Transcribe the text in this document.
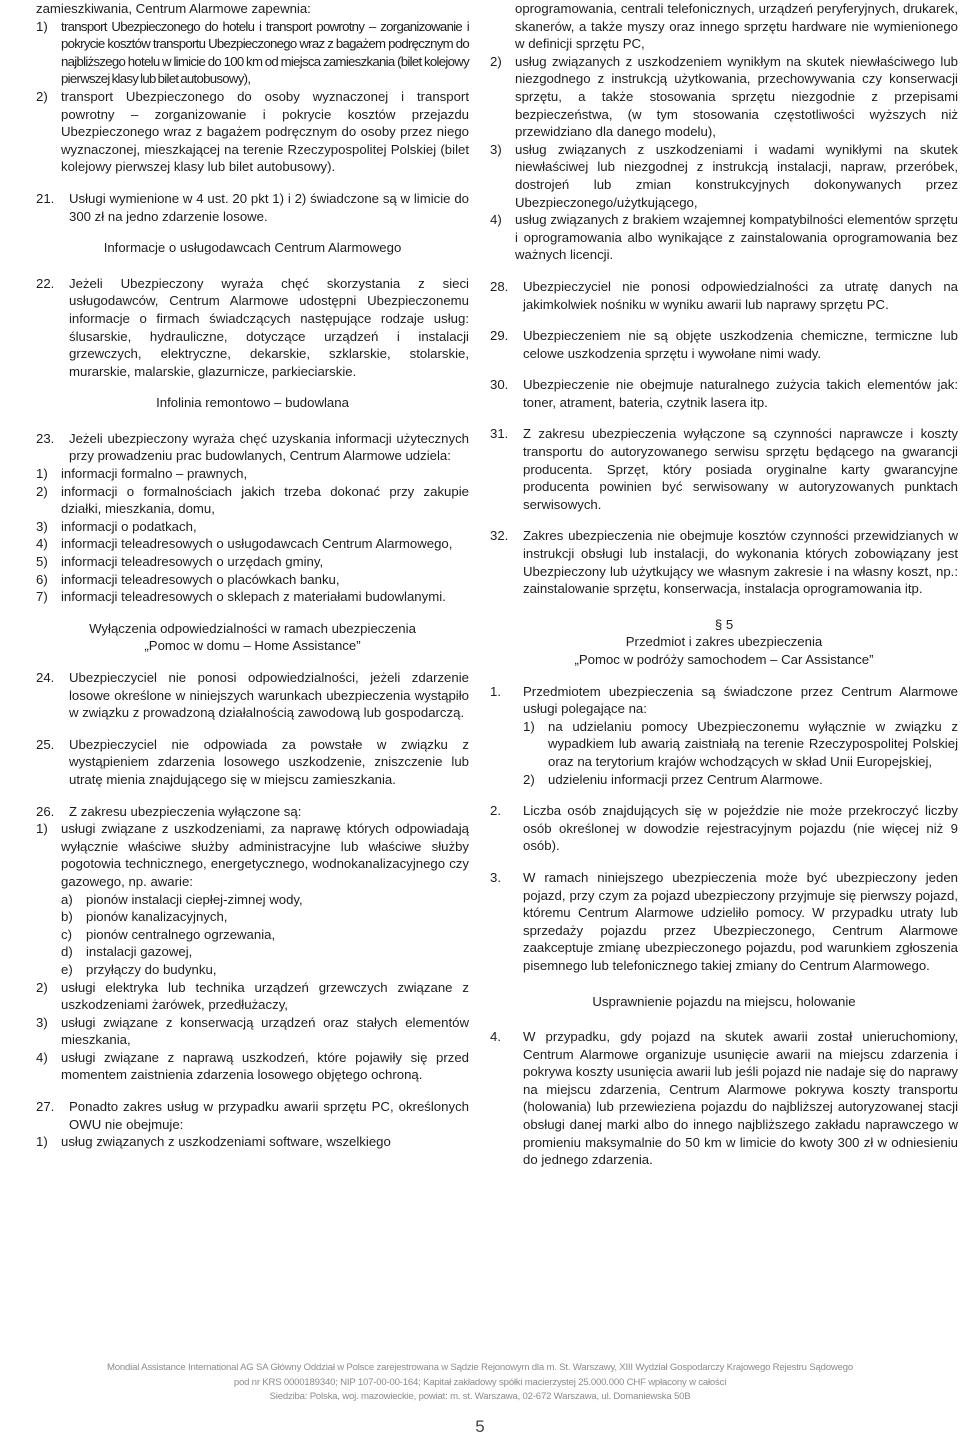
zamieszkiwania, Centrum Alarmowe zapewnia:

1) transport Ubezpieczonego do hotelu i transport powrotny – zorganizowanie i pokrycie kosztów transportu Ubezpieczonego wraz z bagażem podręcznym do najbliższego hotelu w limicie do 100 km od miejsca zamieszkania (bilet kolejowy pierwszej klasy lub bilet autobusowy),
2) transport Ubezpieczonego do osoby wyznaczonej i transport powrotny – zorganizowanie i pokrycie kosztów przejazdu Ubezpieczonego wraz z bagażem podręcznym do osoby przez niego wyznaczonej, mieszkającej na terenie Rzeczypospolitej Polskiej (bilet kolejowy pierwszej klasy lub bilet autobusowy).
21. Usługi wymienione w 4 ust. 20 pkt 1) i 2) świadczone są w limicie do 300 zł na jedno zdarzenie losowe.

Informacje o usługodawcach Centrum Alarmowego

22. Jeżeli Ubezpieczony wyraża chęć skorzystania z sieci usługodawców, Centrum Alarmowe udostępni Ubezpieczonemu informacje o firmach świadczących następujące rodzaje usług: ślusarskie, hydrauliczne, dotyczące urządzeń i instalacji grzewczych, elektryczne, dekarskie, szklarskie, stolarskie, murarskie, malarskie, glazurnicze, parkieciarskie.

Infolinia remontowo – budowlana

23. Jeżeli ubezpieczony wyraża chęć uzyskania informacji użytecznych przy prowadzeniu prac budowlanych, Centrum Alarmowe udziela:
1) informacji formalno – prawnych,
2) informacji o formalnościach jakich trzeba dokonać przy zakupie działki, mieszkania, domu,
3) informacji o podatkach,
4) informacji teleadresowych o usługodawcach Centrum Alarmowego,
5) informacji teleadresowych o urzędach gminy,
6) informacji teleadresowych o placówkach banku,
7) informacji teleadresowych o sklepach z materiałami budowlanymi.

Wyłączenia odpowiedzialności w ramach ubezpieczenia

„Pomoc w domu – Home Assistance”

24. Ubezpieczyciel nie ponosi odpowiedzialności, jeżeli zdarzenie losowe określone w niniejszych warunkach ubezpieczenia wystąpiło w związku z prowadzoną działalnością zawodową lub gospodarczą.
25. Ubezpieczyciel nie odpowiada za powstałe w związku z wystąpieniem zdarzenia losowego uszkodzenie, zniszczenie lub utratę mienia znajdującego się w miejscu zamieszkania.
26. Z zakresu ubezpieczenia wyłączone są:
1) usługi związane z uszkodzeniami, za naprawę których odpowiadają wyłącznie właściwe służby administracyjne lub właściwe służby pogotowia technicznego, energetycznego, wodnokanalizacyjnego czy gazowego, np. awarie:
a) pionów instalacji ciepłej-zimnej wody,
b) pionów kanalizacyjnych,
c) pionów centralnego ogrzewania,
d) instalacji gazowej,
e) przyłączy do budynku,
2) usługi elektryka lub technika urządzeń grzewczych związane z uszkodzeniami żarówek, przedłużaczy,
3) usługi związane z konserwacją urządzeń oraz stałych elementów mieszkania,
4) usługi związane z naprawą uszkodzeń, które pojawiły się przed momentem zaistnienia zdarzenia losowego objętego ochroną.
27. Ponadto zakres usług w przypadku awarii sprzętu PC, określonych OWU nie obejmuje:
1) usług związanych z uszkodzeniami software, wszelkiego

oprogramowania, centrali telefonicznych, urządzeń peryferyjnych, drukarek, skanerów, a także myszy oraz innego sprzętu hardware nie wymienionego w definicji sprzętu PC,

2) usług związanych z uszkodzeniem wynikłym na skutek niewłaściwego lub niezgodnego z instrukcją użytkowania, przechowywania czy konserwacji sprzętu, a także stosowania sprzętu niezgodnie z przepisami bezpieczeństwa, (w tym stosowania częstotliwości wyższych niż przewidziano dla danego modelu),
3) usług związanych z uszkodzeniami i wadami wynikłymi na skutek niewłaściwej lub niezgodnej z instrukcją instalacji, napraw, przeróbek, dostrojeń lub zmian konstrukcyjnych dokonywanych przez Ubezpieczonego/użytkującego,
4) usług związanych z brakiem wzajemnej kompatybilności elementów sprzętu i oprogramowania albo wynikające z zainstalowania oprogramowania bez ważnych licencji.
28. Ubezpieczyciel nie ponosi odpowiedzialności za utratę danych na jakimkolwiek nośniku w wyniku awarii lub naprawy sprzętu PC.
29. Ubezpieczeniem nie są objęte uszkodzenia chemiczne, termiczne lub celowe uszkodzenia sprzętu i wywołane nimi wady.
30. Ubezpieczenie nie obejmuje naturalnego zużycia takich elementów jak: toner, atrament, bateria, czytnik lasera itp.
31. Z zakresu ubezpieczenia wyłączone są czynności naprawcze i koszty transportu do autoryzowanego serwisu sprzętu będącego na gwarancji producenta. Sprzęt, który posiada oryginalne karty gwarancyjne producenta powinien być serwisowany w autoryzowanych punktach serwisowych.
32. Zakres ubezpieczenia nie obejmuje kosztów czynności przewidzianych w instrukcji obsługi lub instalacji, do wykonania których zobowiązany jest Ubezpieczony lub użytkujący we własnym zakresie i na własny koszt, np.: zainstalowanie sprzętu, konserwacja, instalacja oprogramowania itp.

§ 5

Przedmiot i zakres ubezpieczenia

„Pomoc w podróży samochodem – Car Assistance”

1. Przedmiotem ubezpieczenia są świadczone przez Centrum Alarmowe usługi polegające na:
1) na udzielaniu pomocy Ubezpieczonemu wyłącznie w związku z wypadkiem lub awarią zaistniałą na terenie Rzeczypospolitej Polskiej oraz na terytorium krajów wchodzących w skład Unii Europejskiej,
2) udzieleniu informacji przez Centrum Alarmowe.
2. Liczba osób znajdujących się w pojeździe nie może przekroczyć liczby osób określonej w dowodzie rejestracyjnym pojazdu (nie więcej niż 9 osób).
3. W ramach niniejszego ubezpieczenia może być ubezpieczony jeden pojazd, przy czym za pojazd ubezpieczony przyjmuje się pierwszy pojazd, któremu Centrum Alarmowe udzieliło pomocy. W przypadku utraty lub sprzedaży pojazdu przez Ubezpieczonego, Centrum Alarmowe zaakceptuje zmianę ubezpieczonego pojazdu, pod warunkiem zgłoszenia pisemnego lub telefonicznego takiej zmiany do Centrum Alarmowego.

Usprawnienie pojazdu na miejscu, holowanie

4. W przypadku, gdy pojazd na skutek awarii został unieruchomiony, Centrum Alarmowe organizuje usunięcie awarii na miejscu zdarzenia i pokrywa koszty usunięcia awarii lub jeśli pojazd nie nadaje się do naprawy na miejscu zdarzenia, Centrum Alarmowe pokrywa koszty transportu (holowania) lub przewieziena pojazdu do najbliższej autoryzowanej stacji obsługi danej marki albo do innego najbliższego zakładu naprawczego w promieniu maksymalnie do 50 km w limicie do kwoty 300 zł w odniesieniu do jednego zdarzenia.
Mondial Assistance International AG SA Główny Oddział w Polsce zarejestrowana w Sądzie Rejonowym dla m. St. Warszawy, XIII Wydział Gospodarczy Krajowego Rejestru Sądowego
pod nr KRS 0000189340; NIP 107-00-00-164; Kapitał zakładowy spółki macierzystej 25.000.000 CHF wpłacony w całości
Siedziba: Polska, woj. mazowieckie, powiat: m. st. Warszawa, 02-672 Warszawa, ul. Domaniewska 50B
5
